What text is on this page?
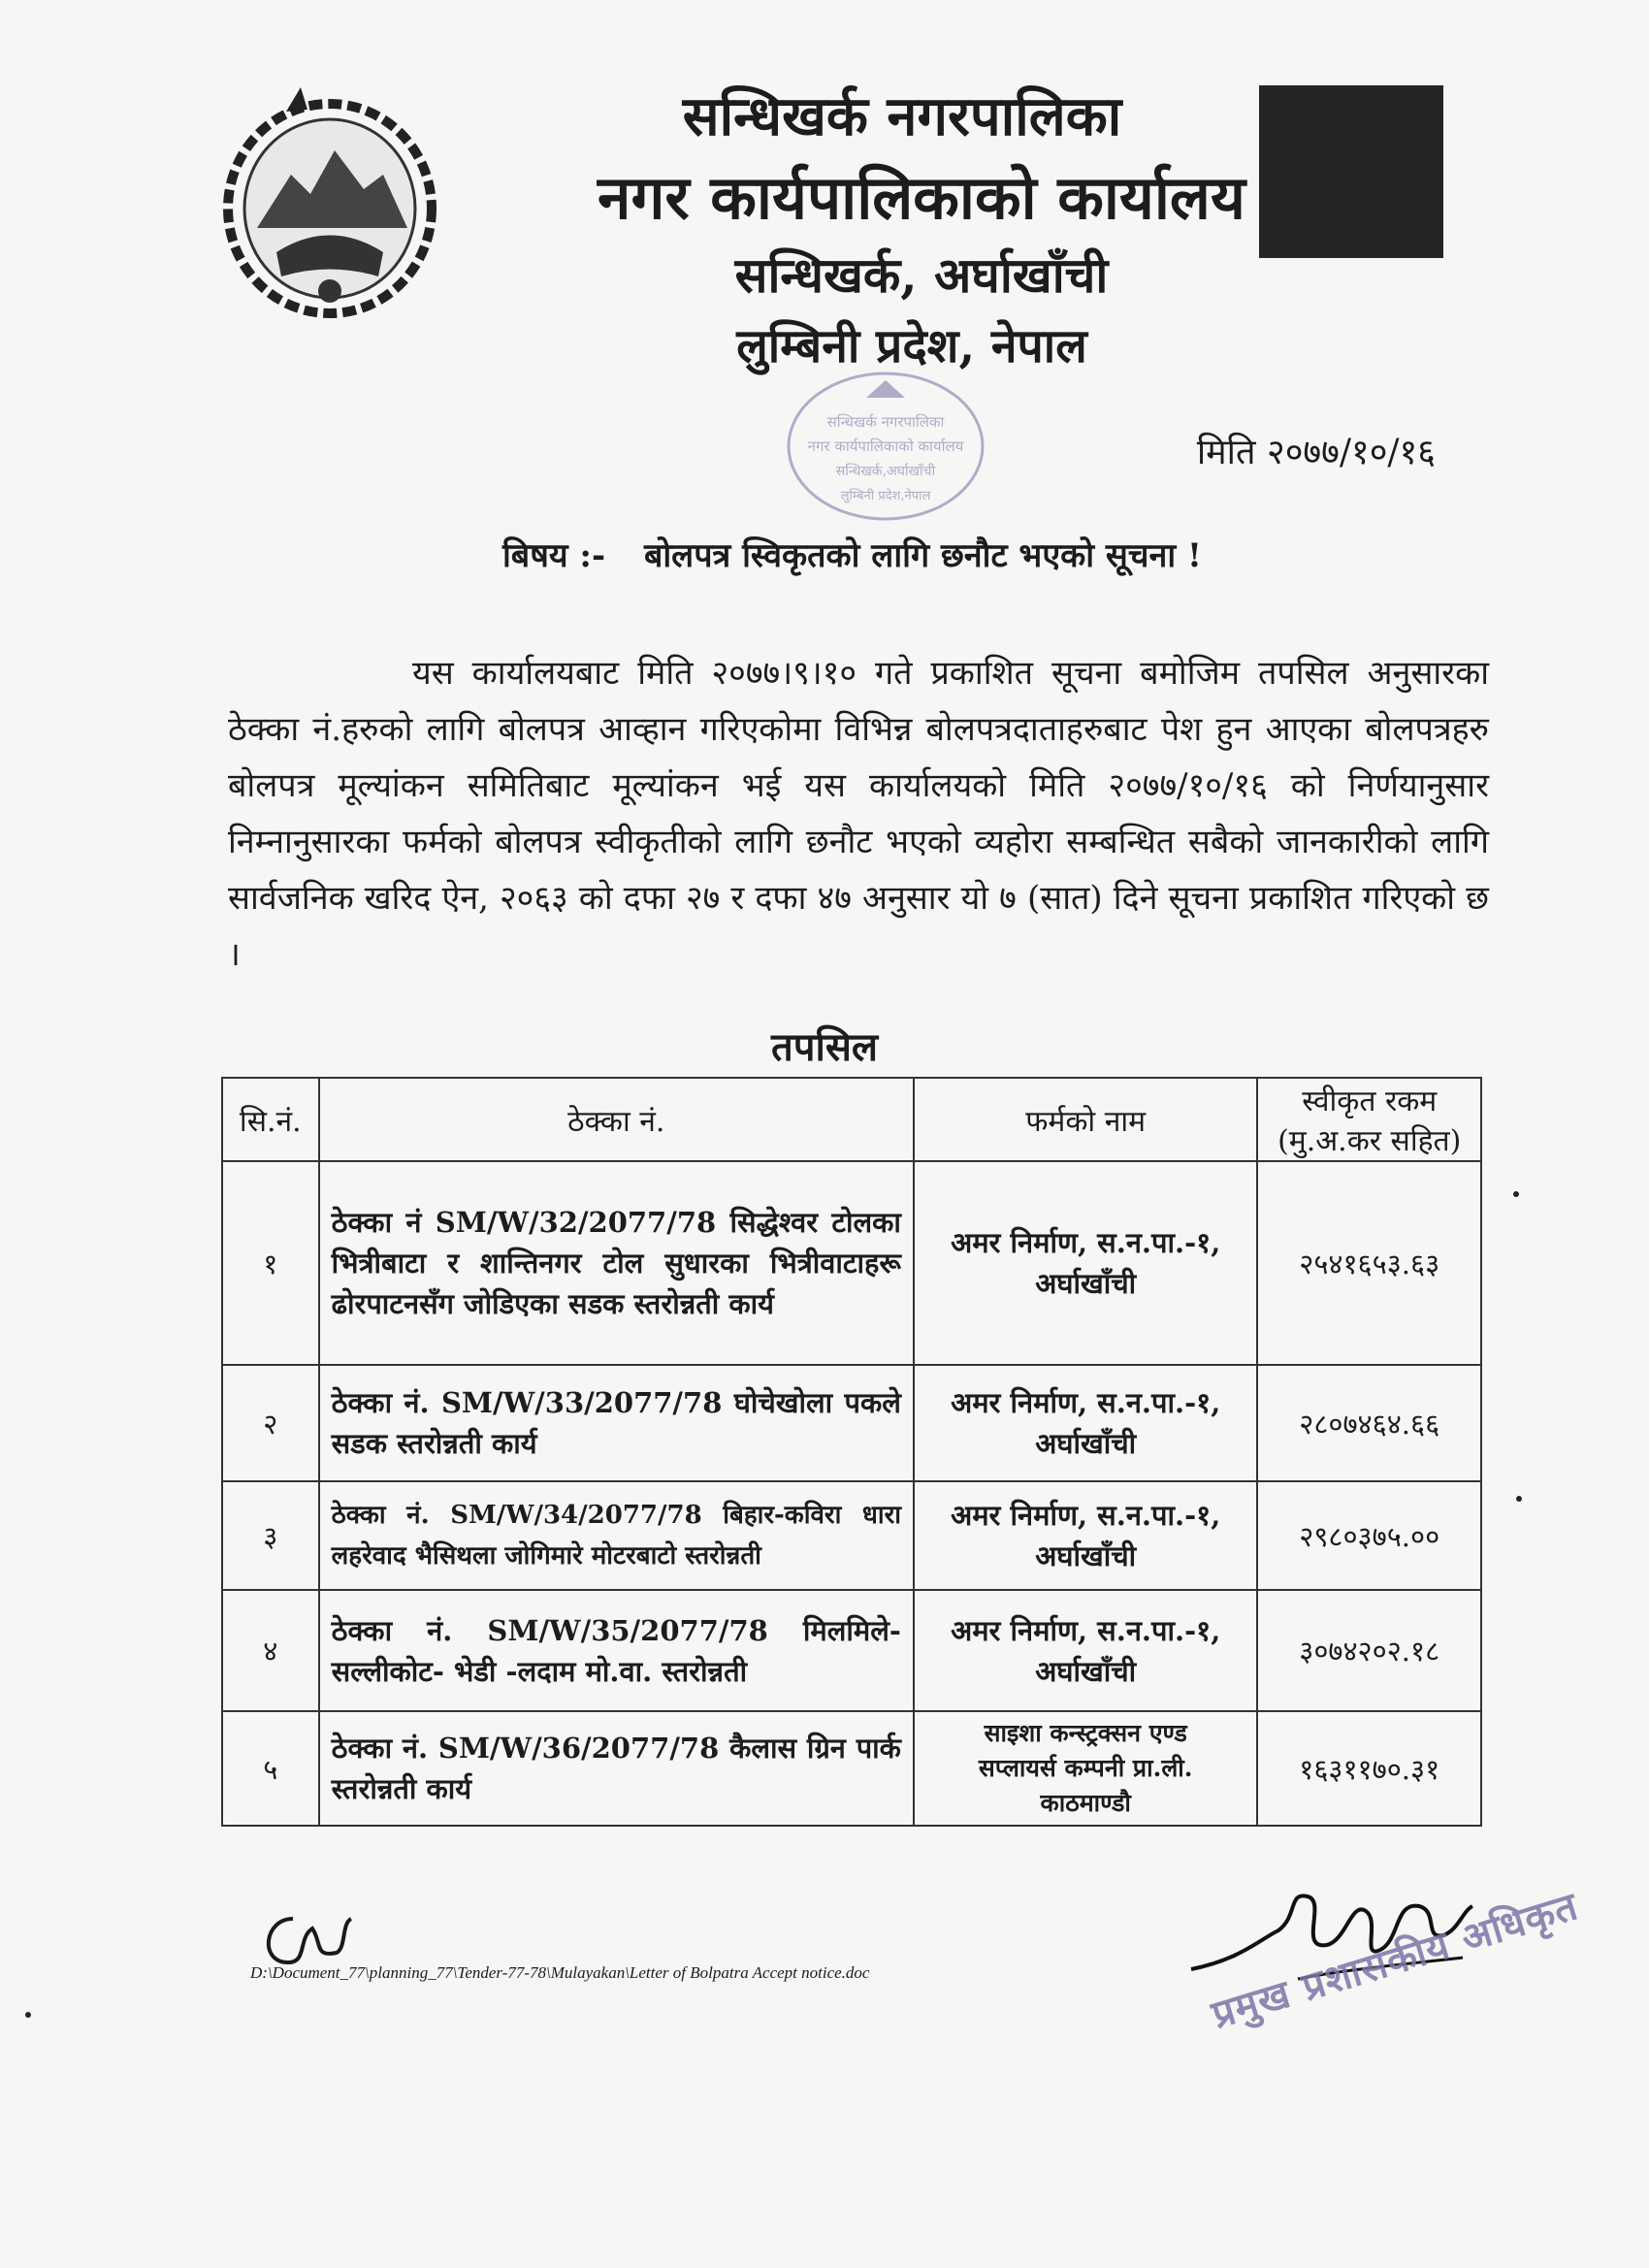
सन्धिखर्क नगरपालिका
नगर कार्यपालिकाको कार्यालय
सन्धिखर्क, अर्घाखाँची
लुम्बिनी प्रदेश, नेपाल
सन्धिखर्क नगरपालिका
नगर कार्यपालिकाको कार्यालय
सन्धिखर्क,अर्घाखाँची
लुम्बिनी प्रदेश,नेपाल
मिति २०७७/१०/१६
बिषय :- बोलपत्र स्विकृतको लागि छनौट भएको सूचना !
यस कार्यालयबाट मिति २०७७।९।१० गते प्रकाशित सूचना बमोजिम तपसिल अनुसारका ठेक्का नं.हरुको लागि बोलपत्र आव्हान गरिएकोमा विभिन्न बोलपत्रदाताहरुबाट पेश हुन आएका बोलपत्रहरु बोलपत्र मूल्यांकन समितिबाट मूल्यांकन भई यस कार्यालयको मिति २०७७/१०/१६ को निर्णयानुसार निम्नानुसारका फर्मको बोलपत्र स्वीकृतीको लागि छनौट भएको व्यहोरा सम्बन्धित सबैको जानकारीको लागि सार्वजनिक खरिद ऐन, २०६३ को दफा २७ र दफा ४७ अनुसार यो ७ (सात) दिने सूचना प्रकाशित गरिएको छ ।
तपसिल
सि.नं.	ठेक्का नं.	फर्मको नाम	स्वीकृत रकम
(मु.अ.कर सहित)

१	ठेक्का नं SM/W/32/2077/78 सिद्धेश्वर टोलका भित्रीबाटा र शान्तिनगर टोल सुधारका भित्रीवाटाहरू ढोरपाटनसँग जोडिएका सडक स्तरोन्नती कार्य	अमर निर्माण, स.न.पा.-१,
अर्घाखाँची	२५४१६५३.६३
२	ठेक्का नं. SM/W/33/2077/78 घोचेखोला पकले सडक स्तरोन्नती कार्य	अमर निर्माण, स.न.पा.-१,
अर्घाखाँची	२८०७४६४.६६
३	ठेक्का नं. SM/W/34/2077/78 बिहार-कविरा धारा लहरेवाद भैसिथला जोगिमारे मोटरबाटो स्तरोन्नती	अमर निर्माण, स.न.पा.-१,
अर्घाखाँची	२९८०३७५.००
४	ठेक्का नं. SM/W/35/2077/78 मिलमिले-सल्लीकोट- भेडी -लदाम मो.वा. स्तरोन्नती	अमर निर्माण, स.न.पा.-१,
अर्घाखाँची	३०७४२०२.१८
५	ठेक्का नं. SM/W/36/2077/78 कैलास ग्रिन पार्क स्तरोन्नती कार्य	साइशा कन्स्ट्रक्सन एण्ड
सप्लायर्स कम्पनी प्रा.ली.
काठमाण्डौ	१६३११७०.३१
D:\Document_77\planning_77\Tender-77-78\Mulayakan\Letter of Bolpatra Accept notice.doc	प्रमुख प्रशासकीय अधिकृत
